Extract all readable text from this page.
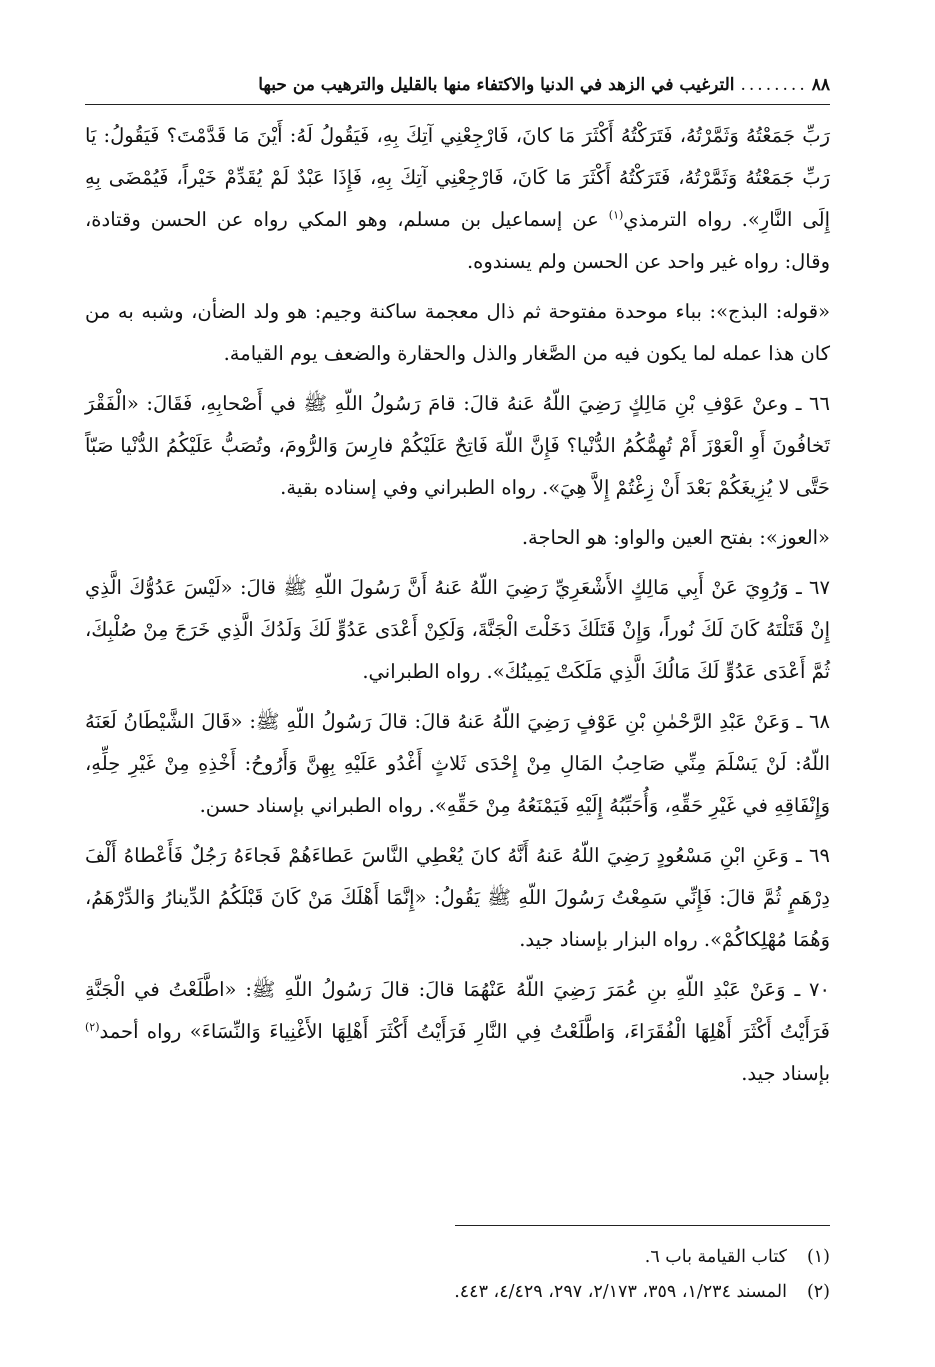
٨٨
........
الترغيب في الزهد في الدنيا والاكتفاء منها بالقليل والترهيب من حبها

رَبِّ جَمَعْتُهُ وَثَمَّرْتُهُ، فَتَرَكْتُهُ أَكْثَرَ مَا كانَ، فَارْجِعْنِي آتِكَ بِهِ، فَيَقُولُ لَهُ: أَيْنَ مَا قَدَّمْتَ؟ فَيَقُولُ: يَا رَبِّ جَمَعْتُهُ وَثَمَّرْتُهُ، فَتَرَكْتُهُ أَكْثَرَ مَا كَانَ، فَارْجِعْنِي آتِكَ بِهِ، فَإِذَا عَبْدٌ لَمْ يُقَدِّمْ خَيْراً، فَيُمْضَى بِهِ إِلَى النَّارِ». رواه الترمذي$^{(١)}$ عن إسماعيل بن مسلم، وهو المكي رواه عن الحسن وقتادة، وقال: رواه غير واحد عن الحسن ولم يسندوه.

«قوله: البذج»: بباء موحدة مفتوحة ثم ذال معجمة ساكنة وجيم: هو ولد الضأن، وشبه به من كان هذا عمله لما يكون فيه من الصَّغار والذل والحقارة والضعف يوم القيامة.

٦٦ ـ وعنْ عَوْفِ بْنِ مَالِكٍ رَضِيَ اللّهُ عَنهُ قالَ: قامَ رَسُولُ اللّهِ ﷺ في أَصْحابِهِ، فَقَالَ: «الْفَقْرَ تَخافُونَ أَوِ الْعَوْزَ أَمْ تُهِمُّكُمُ الدُّنْيا؟ فَإِنَّ اللّهَ فَاتِحٌ عَلَيْكُمْ فارِسَ وَالرُّومَ، وتُصَبُّ عَلَيْكُمُ الدُّنْيا صَبّاً حَتَّى لا يُزِيغَكُمْ بَعْدَ أَنْ زِغْتُمْ إِلاَّ هِيَ». رواه الطبراني وفي إسناده بقية.

«العوز»: بفتح العين والواو: هو الحاجة.

٦٧ ـ وَرُوِيَ عَنْ أَبِي مَالِكٍ الأَشْعَرِيِّ رَضِيَ اللّهُ عَنهُ أَنَّ رَسُولَ اللّهِ ﷺ قالَ: «لَيْسَ عَدُوُّكَ الَّذِي إِنْ قَتَلْتَهُ كَانَ لَكَ نُوراً، وَإِنْ قَتَلَكَ دَخَلْتَ الْجَنَّةَ، وَلَكِنْ أَعْدَى عَدُوٍّ لَكَ وَلَدُكَ الَّذِي خَرَجَ مِنْ صُلْبِكَ، ثُمَّ أَعْدَى عَدُوٍّ لَكَ مَالُكَ الَّذِي مَلَكَتْ يَمِينُكَ». رواه الطبراني.

٦٨ ـ وَعَنْ عَبْدِ الرَّحْمٰنِ بْنِ عَوْفٍ رَضِيَ اللّهُ عَنهُ قالَ: قالَ رَسُولُ اللّهِ ﷺ: «قَالَ الشَّيْطَانُ لَعَنَهُ اللّهُ: لَنْ يَسْلَمَ مِنِّي صَاحِبُ المَالِ مِنْ إِحْدَى ثَلاثٍ أَغْدُو عَلَيْهِ بِهِنَّ وَأَرُوحُ: أَخْذِهِ مِنْ غَيْرِ حِلِّهِ، وَإِنْفَاقِهِ في غَيْرِ حَقِّهِ، وَأُحَبِّبُهُ إِلَيْهِ فَيَمْنَعُهُ مِنْ حَقِّهِ». رواه الطبراني بإسناد حسن.

٦٩ ـ وَعَنِ ابْنِ مَسْعُودٍ رَضِيَ اللّهُ عَنهُ أَنَّهُ كانَ يُعْطِي النَّاسَ عَطاءَهُمْ فَجاءَهُ رَجُلٌ فَأَعْطاهُ أَلْفَ دِرْهَمٍ ثُمَّ قالَ: فَإِنِّي سَمِعْتُ رَسُولَ اللّهِ ﷺ يَقُولُ: «إِنَّمَا أَهْلَكَ مَنْ كَانَ قَبْلَكُمُ الدِّينارُ وَالدِّرْهَمُ، وَهُمَا مُهْلِكاكُمْ». رواه البزار بإسناد جيد.

٧٠ ـ وَعَنْ عَبْدِ اللّهِ بنِ عُمَرَ رَضِيَ اللّهُ عَنْهُمَا قالَ: قالَ رَسُولُ اللّهِ ﷺ: «اطَّلَعْتُ في الْجَنَّةِ فَرَأَيْتُ أَكْثَرَ أَهْلِهَا الْفُقَرَاءَ، وَاطَّلَعْتُ فِي النَّارِ فَرَأَيْتُ أَكْثَرَ أَهْلِهَا الأَغْنِياءَ وَالنِّسَاءَ» رواه أحمد$^{(٢)}$ بإسناد جيد.

(١)
كتاب القيامة باب ٦.
(٢)
المسند ١/٢٣٤، ٣٥٩، ٢/١٧٣، ٢٩٧، ٤/٤٢٩، ٤٤٣.
